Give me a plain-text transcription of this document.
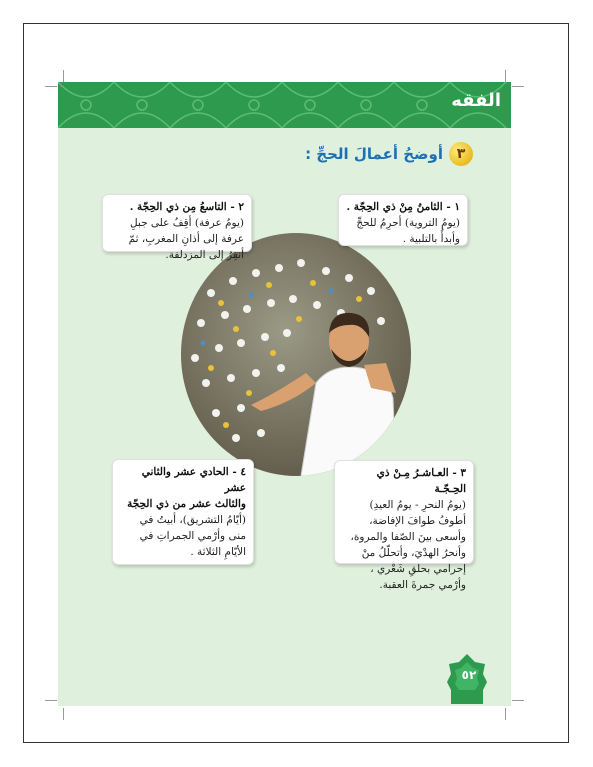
الفقه
٣
أوضحُ أعمالَ الحجِّ :
١ - الثامنُ مِنْ ذي الحِجّة .
(يومُ التروية) أحرِمُ للحجِّ وأبدأُ بالتلبية .
٢ - التاسعُ مِن ذي الحِجّة .
(يومُ عرفة) أقِفُ على جبلِ عرفة إلى أذانِ المغربِ، ثمّ أنفِرُ إلى المزدلفة.
٣ - العـاشـرُ مِـنْ ذي الحِـجّـة
(يومُ النحرِ - يومُ العيدِ) أطوفُ طوافَ الإفاضة، وأسعى بينَ الصّفا والمروة، وأنحرُ الهدْيَ، وأتحلّلُ منْ إحرامي بحلقِ شَعْري ، وأرْمي جمرةَ العقبة.
٤ - الحادي عشر والثاني عشر
والثالث عشر من ذي الحِجّة
(أيّامُ التشريق)، أبيتُ في منى وأرْمي الجمراتِ في الأيّامِ الثلاثة .
٥٢
